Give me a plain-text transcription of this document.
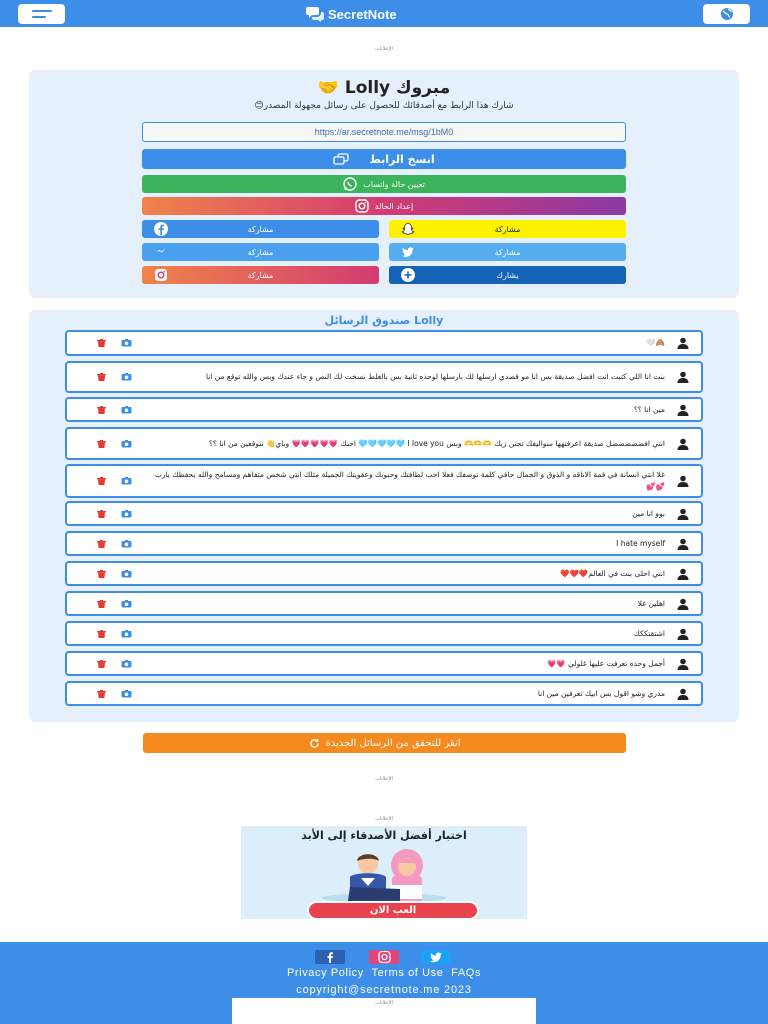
SecretNote
الإعلانات
مبروك Lolly 🤝
شارك هذا الرابط مع أصدقائك للحصول على رسائل مجهولة المصدر😊
https://ar.secretnote.me/msg/1bM0
انسخ الرابط
تعيين حالة واتساب
إعداد الحالة
مشاركة	مشاركة
مشاركة	مشاركة
مشاركة	يشارك
Lolly صندوق الرسائل
🙈🤍
بنت انا اللي كتبت انت افضل صديقة بس انا مو قصدي ارسلها لك بارسلها لوحده ثانية بس بالغلط نسخت لك النص و جاء عندك وبس والله توقع من انا
مين انا ؟؟
انتي افضضضضضل صديقة اعرفتهها سواليفك تجنن زيك 🫶🫶🫶 وبس I love you 🩵🩵🩵🩵🩵 احبك 💗💗💗💗💗 وباي👋 تتوقعين من انا ؟؟
غلا انتي انسانة في قمة الاناقه و الذوق و الجمال حافي كلمة توصفك فعلا احب لطافتك وحبوبك وعفويتك الجميلة مثلك انتي شخص متفاهم ومسامح والله يحفظك يارب 💕💕
بوو انا مين
I hate myself
انتي احلى بنت في العالم❤️❤️❤️
اهلين غلا
اشتقتككك
أجمل وحده تعرفت عليها غلولي 💗💗
مدري وشو اقول بس ابيك تعرفين مين انا
انقر للتحقق من الرسائل الجديدة
الإعلانات
الإعلانات
اختبار أفضل الأصدقاء إلى الأبد
العب الان
Privacy Policy Terms of Use FAQs
copyright@secretnote.me 2023
الإعلانات
